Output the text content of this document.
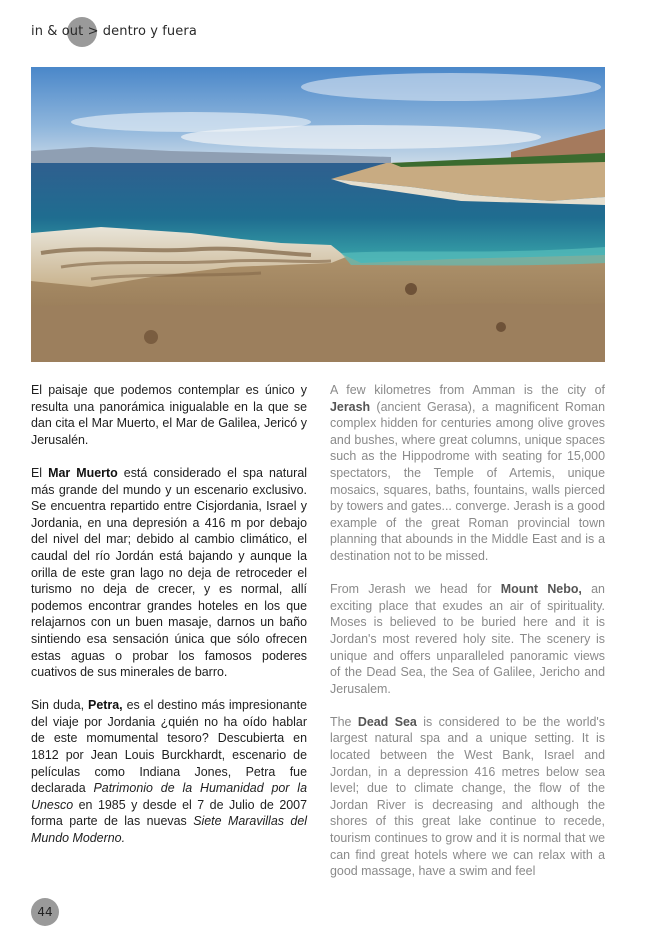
in & out > dentro y fuera

El paisaje que podemos contemplar es único y resulta una panorámica inigualable en la que se dan cita el Mar Muerto, el Mar de Galilea, Jericó y Jerusalén.

El Mar Muerto está considerado el spa natural más grande del mundo y un escenario exclusivo. Se encuentra repartido entre Cisjordania, Israel y Jordania, en una depresión a 416 m por debajo del nivel del mar; debido al cambio climático, el caudal del río Jordán está bajando y aunque la orilla de este gran lago no deja de retroceder el turismo no deja de crecer, y es normal, allí podemos encontrar grandes hoteles en los que relajarnos con un buen masaje, darnos un baño sintiendo esa sensación única que sólo ofrecen estas aguas o probar los famosos poderes cuativos de sus minerales de barro.

Sin duda, Petra, es el destino más impresionante del viaje por Jordania ¿quién no ha oído hablar de este momumental tesoro? Descubierta en 1812 por Jean Louis Burckhardt, escenario de películas como Indiana Jones, Petra fue declarada Patrimonio de la Humanidad por la Unesco en 1985 y desde el 7 de Julio de 2007 forma parte de las nuevas Siete Maravillas del Mundo Moderno.

A few kilometres from Amman is the city of Jerash (ancient Gerasa), a magnificent Roman complex hidden for centuries among olive groves and bushes, where great columns, unique spaces such as the Hippodrome with seating for 15,000 spectators, the Temple of Artemis, unique mosaics, squares, baths, fountains, walls pierced by towers and gates... converge. Jerash is a good example of the great Roman provincial town planning that abounds in the Middle East and is a destination not to be missed.

From Jerash we head for Mount Nebo, an exciting place that exudes an air of spirituality. Moses is believed to be buried here and it is Jordan's most revered holy site. The scenery is unique and offers unparalleled panoramic views of the Dead Sea, the Sea of Galilee, Jericho and Jerusalem.

The Dead Sea is considered to be the world's largest natural spa and a unique setting. It is located between the West Bank, Israel and Jordan, in a depression 416 metres below sea level; due to climate change, the flow of the Jordan River is decreasing and although the shores of this great lake continue to recede, tourism continues to grow and it is normal that we can find great hotels where we can relax with a good massage, have a swim and feel

44
